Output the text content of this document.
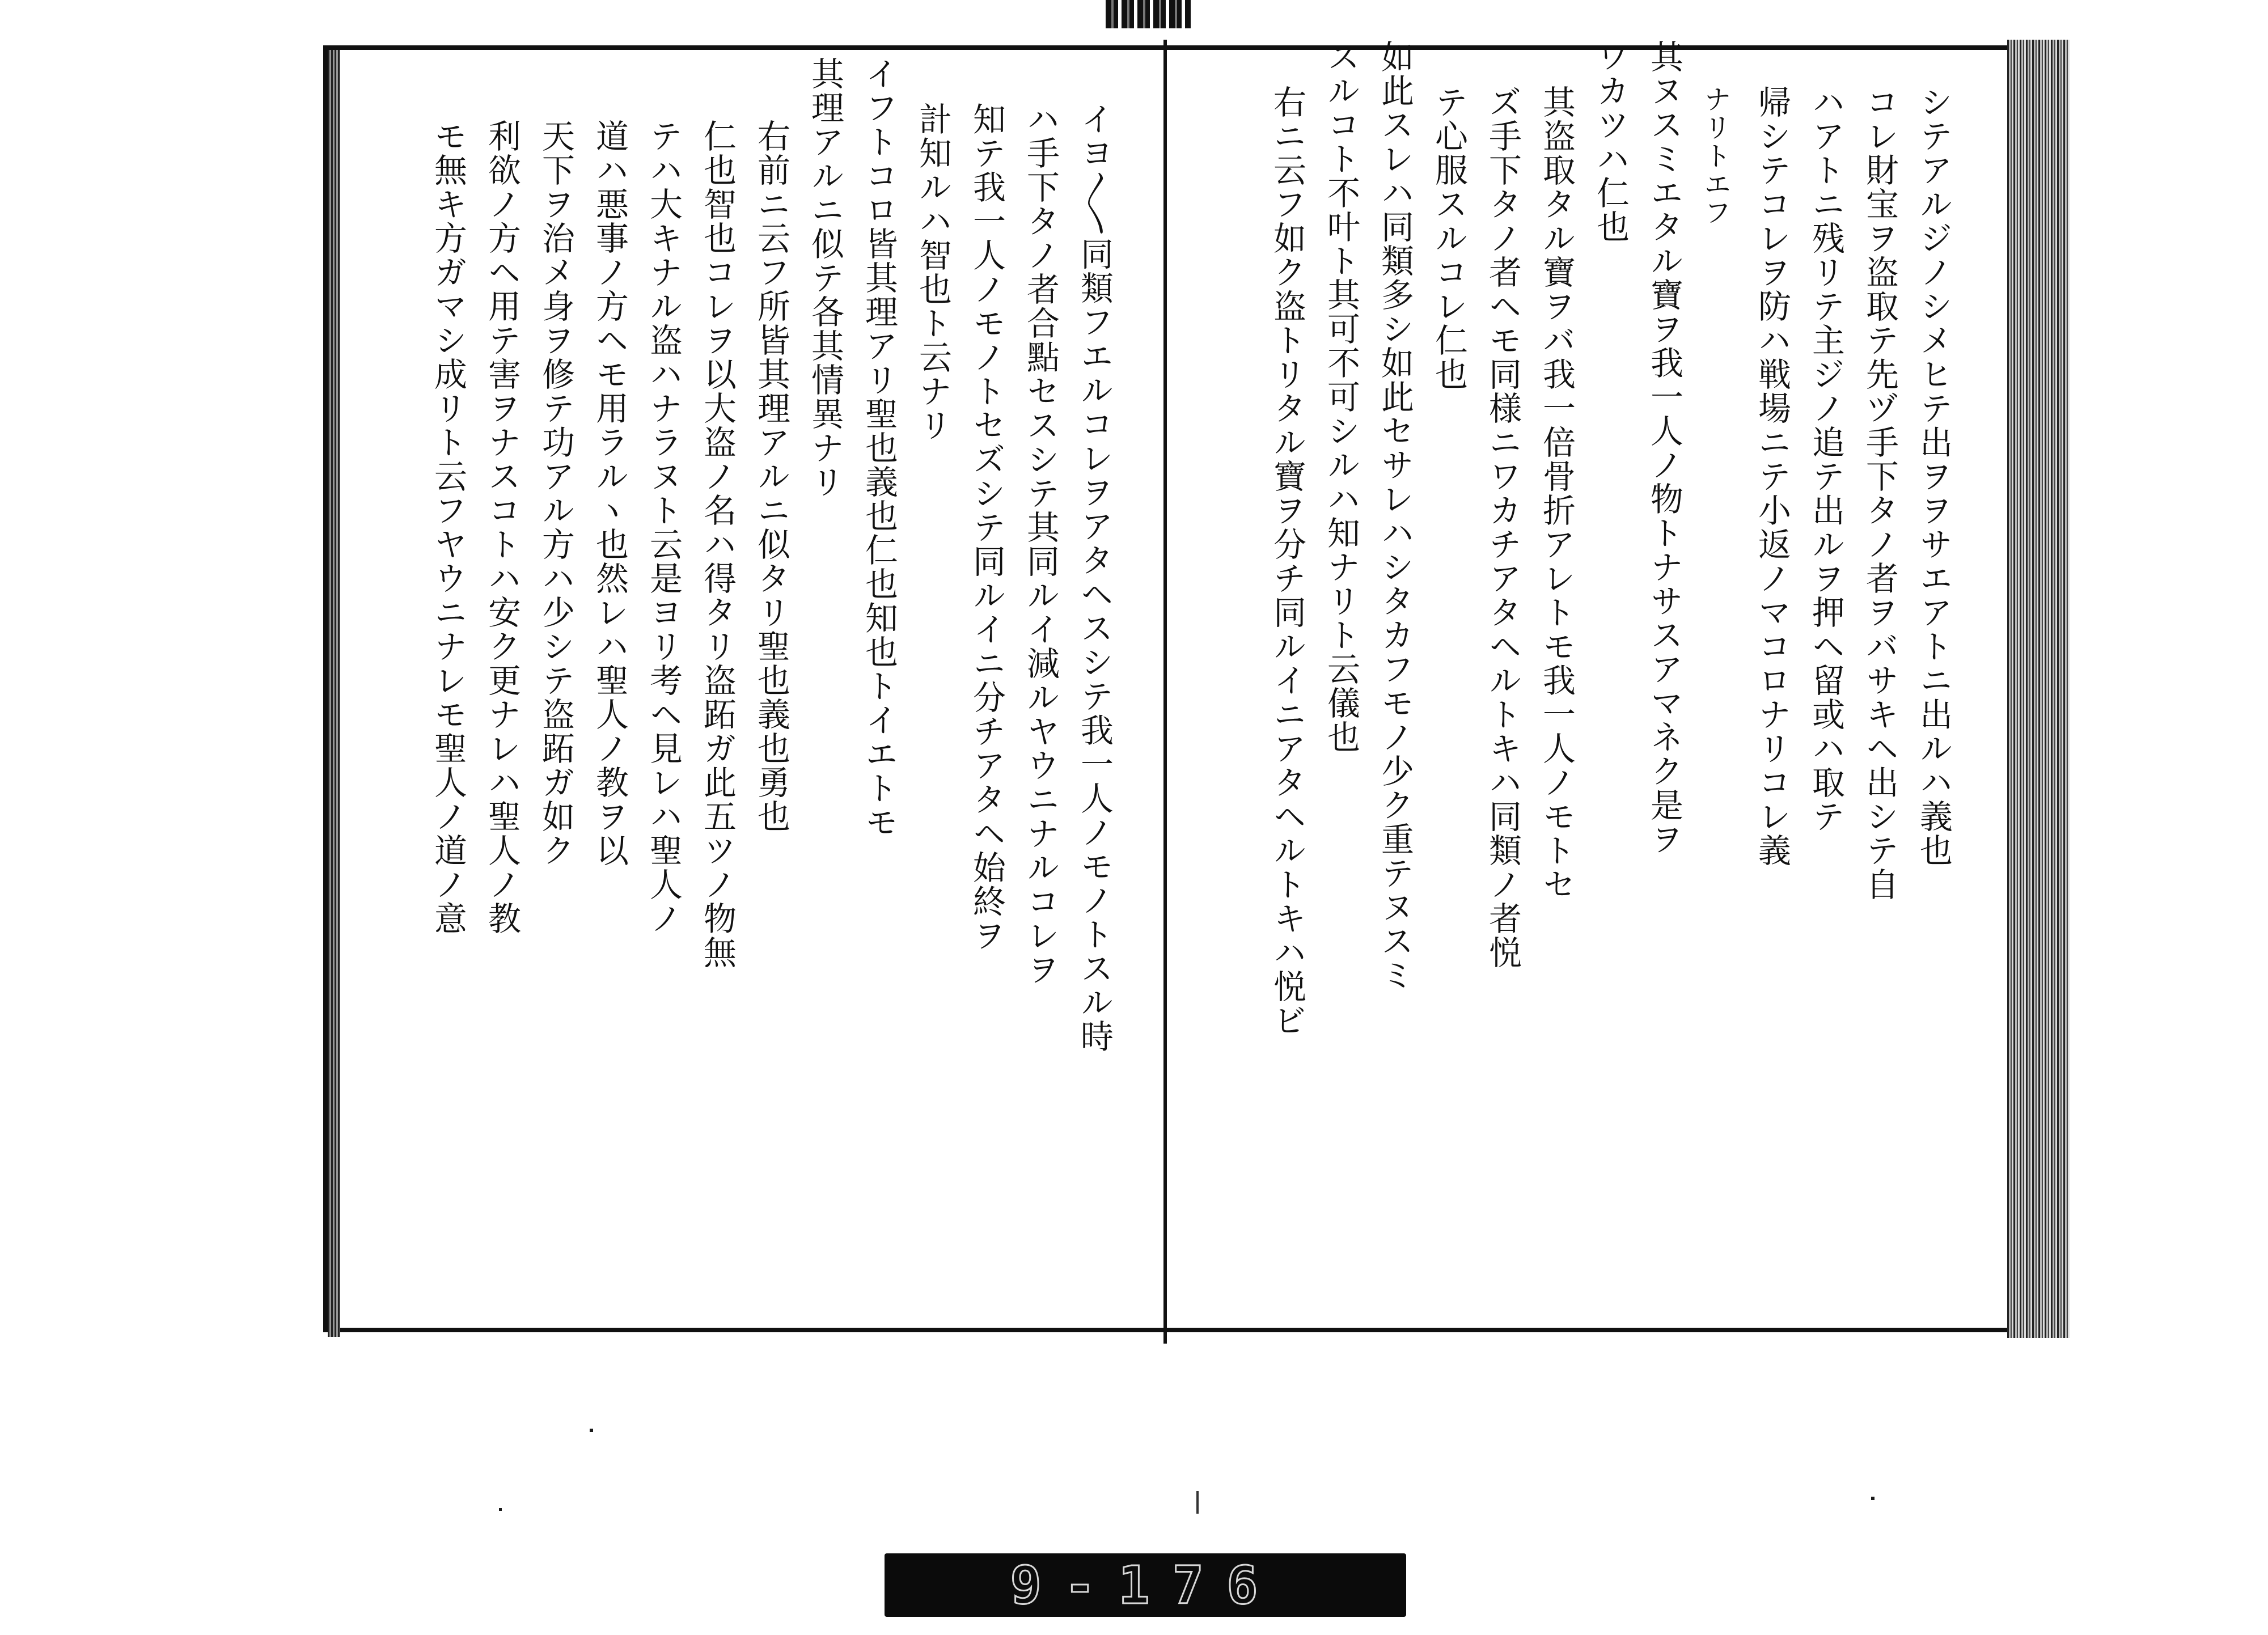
シテアルジノシメヒテ出ヲヲサエアトニ出ルハ義也
コレ財宝ヲ盗取テ先ヅ手下タノ者ヲバサキヘ出シテ自
ハアトニ残リテ主ジノ追テ出ルヲ押ヘ留或ハ取テ
帰シテコレヲ防ハ戦場ニテ小返ノマコロナリコレ義
ナリトエフ
其ヌスミエタル寶ヲ我一人ノ物トナサスアマネク是ヲ
ワカツハ仁也
其盗取タル寶ヲバ我一倍骨折アレトモ我一人ノモトセ
ズ手下タノ者ヘモ同様ニワカチアタヘルトキハ同類ノ者悦
テ心服スルコレ仁也
如此スレハ同類多シ如此セサレハシタカフモノ少ク重テヌスミ
スルコト不叶ト其可不可シルハ知ナリト云儀也
右ニ云フ如ク盗トリタル寶ヲ分チ同ルイニアタヘルトキハ悦ビ
イヨ〳〵同類フエルコレヲアタヘスシテ我一人ノモノトスル時
ハ手下タノ者合點セスシテ其同ルイ減ルヤウニナルコレヲ
知テ我一人ノモノトセズシテ同ルイニ分チアタヘ始終ヲ
計知ルハ智也ト云ナリ
イフトコロ皆其理アリ聖也義也仁也知也トイエトモ
其理アルニ似テ各其情異ナリ
右前ニ云フ所皆其理アルニ似タリ聖也義也勇也
仁也智也コレヲ以大盗ノ名ハ得タリ盗跖ガ此五ツノ物無
テハ大キナル盗ハナラヌト云是ヨリ考ヘ見レハ聖人ノ
道ハ悪事ノ方ヘモ用ラルヽ也然レハ聖人ノ教ヲ以
天下ヲ治メ身ヲ修テ功アル方ハ少シテ盗跖ガ如ク
利欲ノ方ヘ用テ害ヲナスコトハ安ク更ナレハ聖人ノ教
モ無キ方ガマシ成リト云フヤウニナレモ聖人ノ道ノ意
9-176
